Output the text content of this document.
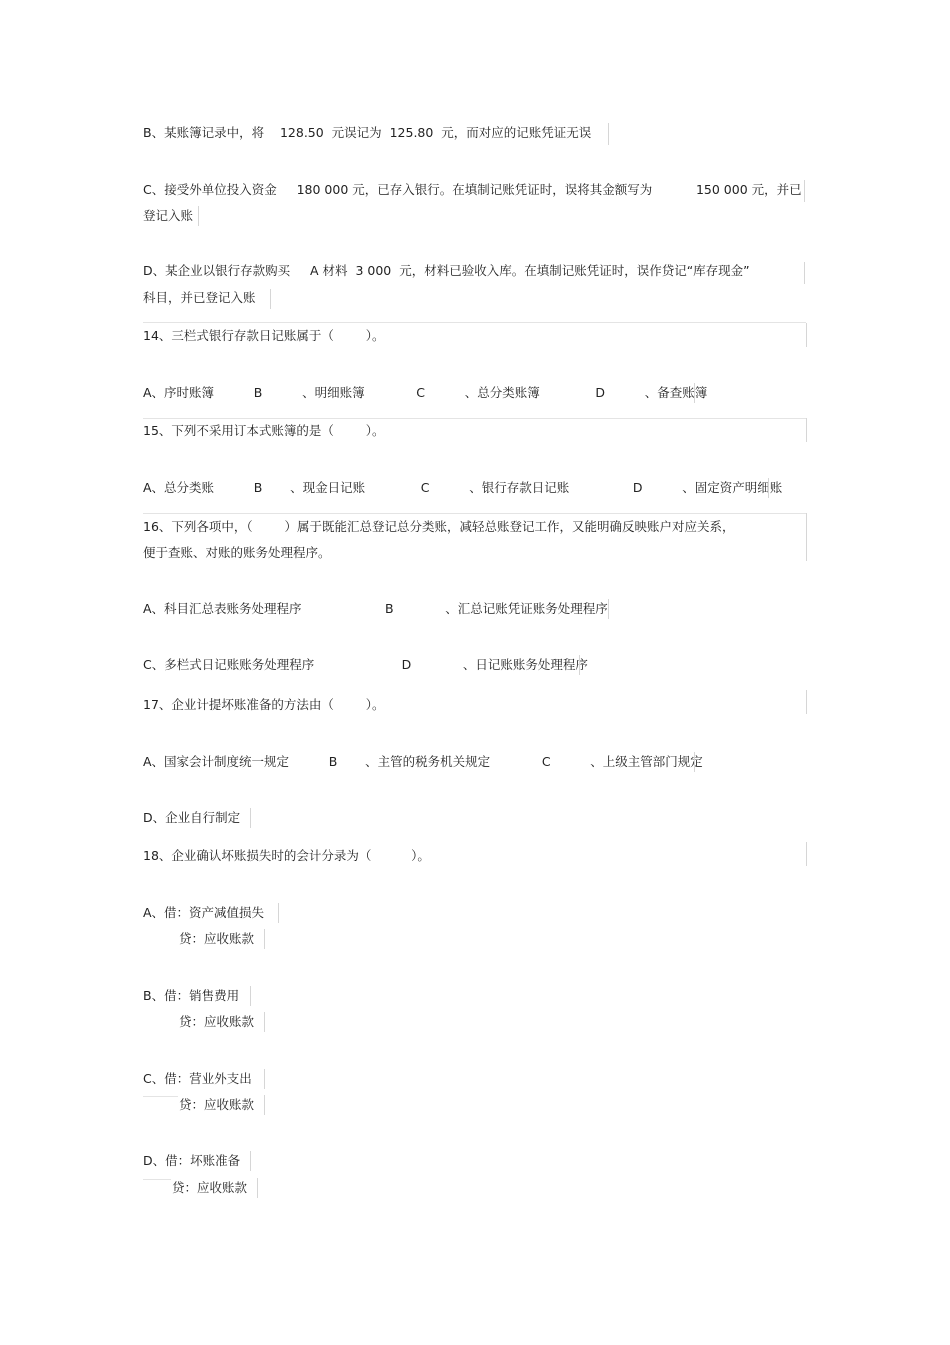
B、某账簿记录中，将    128.50  元误记为  125.80  元，而对应的记账凭证无误
C、接受外单位投入资金     180 000 元，已存入银行。在填制记账凭证时，误将其金额写为           150 000 元，并已
登记入账
D、某企业以银行存款购买     A 材料  3 000  元，材料已验收入库。在填制记账凭证时，误作贷记“库存现金”
科目，并已登记入账
14、三栏式银行存款日记账属于（        ）。
A、序时账簿          B          、明细账簿             C          、总分类账簿              D          、备查账簿
15、下列不采用订本式账簿的是（        ）。
A、总分类账          B       、现金日记账              C          、银行存款日记账                D          、固定资产明细账
16、下列各项中，（        ）属于既能汇总登记总分类账，减轻总账登记工作，又能明确反映账户对应关系，
便于查账、对账的账务处理程序。
A、科目汇总表账务处理程序                     B             、汇总记账凭证账务处理程序
C、多栏式日记账账务处理程序                      D             、日记账账务处理程序
17、企业计提坏账准备的方法由（        ）。
A、国家会计制度统一规定          B       、主管的税务机关规定             C          、上级主管部门规定
D、企业自行制定
18、企业确认坏账损失时的会计分录为（          ）。
A、借：资产减值损失
贷：应收账款
B、借：销售费用
贷：应收账款
C、借：营业外支出
贷：应收账款
D、借：坏账准备
贷：应收账款
